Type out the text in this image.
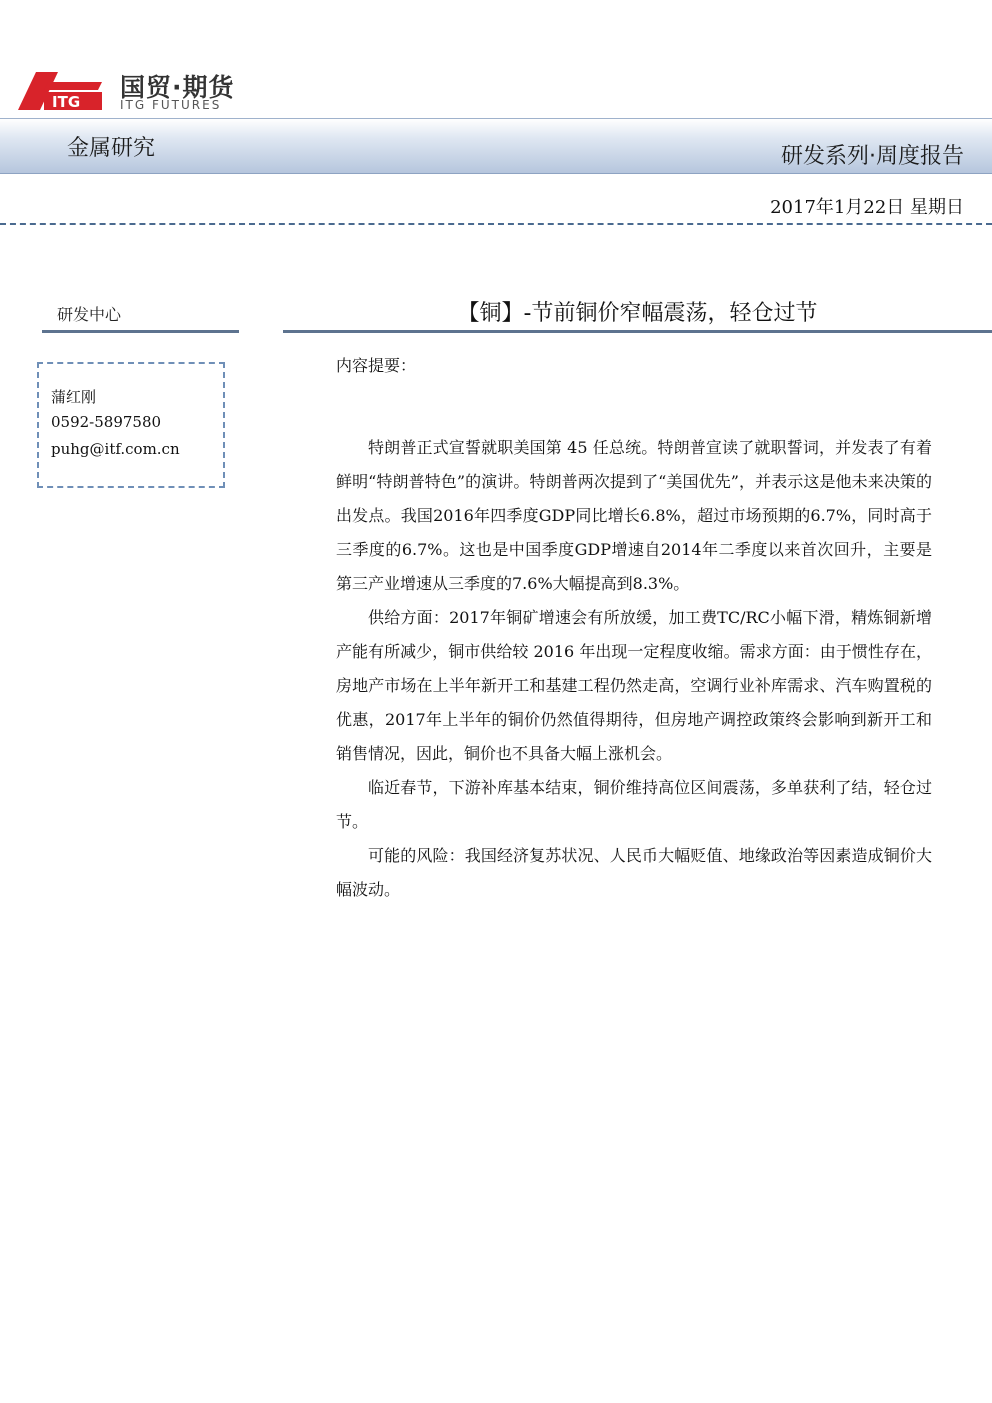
ITG 国贸·期货
ITG FUTURES
金属研究	研发系列·周度报告
2017年1月22日 星期日
研发中心
蒲红刚
0592-5897580
puhg@itf.com.cn
【铜】-节前铜价窄幅震荡，轻仓过节
内容提要：

特朗普正式宣誓就职美国第 45 任总统。特朗普宣读了就职誓词，并发表了有着鲜明“特朗普特色”的演讲。特朗普两次提到了“美国优先”，并表示这是他未来决策的出发点。我国2016年四季度GDP同比增长6.8%，超过市场预期的6.7%，同时高于三季度的6.7%。这也是中国季度GDP增速自2014年二季度以来首次回升，主要是第三产业增速从三季度的7.6%大幅提高到8.3%。

供给方面：2017年铜矿增速会有所放缓，加工费TC/RC小幅下滑，精炼铜新增产能有所减少，铜市供给较 2016 年出现一定程度收缩。需求方面：由于惯性存在，房地产市场在上半年新开工和基建工程仍然走高，空调行业补库需求、汽车购置税的优惠，2017年上半年的铜价仍然值得期待，但房地产调控政策终会影响到新开工和销售情况，因此，铜价也不具备大幅上涨机会。

临近春节，下游补库基本结束，铜价维持高位区间震荡，多单获利了结，轻仓过节。

可能的风险：我国经济复苏状况、人民币大幅贬值、地缘政治等因素造成铜价大幅波动。
